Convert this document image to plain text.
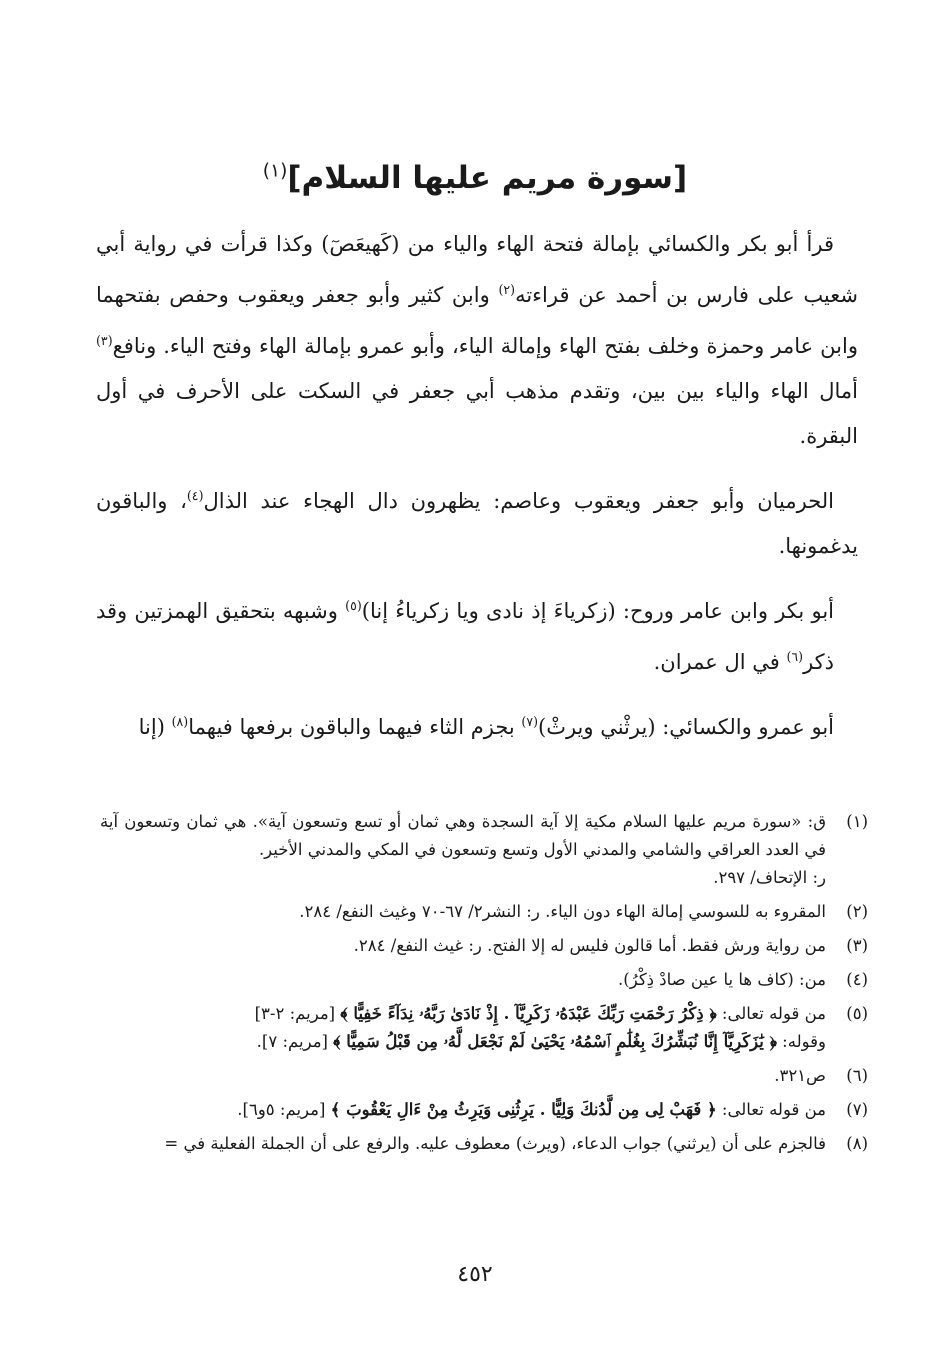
[سورة مريم عليها السلام]$^{(١)}$

قرأ أبو بكر والكسائي بإمالة فتحة الهاء والياء من (كَهيعَصٓ) وكذا قرأت في رواية أبي شعيب على فارس بن أحمد عن قراءته$^{(٢)}$ وابن كثير وأبو جعفر ويعقوب وحفص بفتحهما وابن عامر وحمزة وخلف بفتح الهاء وإمالة الياء، وأبو عمرو بإمالة الهاء وفتح الياء. ونافع$^{(٣)}$ أمال الهاء والياء بين بين، وتقدم مذهب أبي جعفر في السكت على الأحرف في أول البقرة.

الحرميان وأبو جعفر ويعقوب وعاصم: يظهرون دال الهجاء عند الذال$^{(٤)}$، والباقون يدغمونها.

أبو بكر وابن عامر وروح: (زكرياءَ إذ نادى ويا زكرياءُ إنا)$^{(٥)}$ وشبهه بتحقيق الهمزتين وقد ذكر$^{(٦)}$ في ال عمران.

أبو عمرو والكسائي: (يرثْني ويرثْ)$^{(٧)}$ بجزم الثاء فيهما والباقون برفعها فيهما$^{(٨)}$ (إنا

(١)
ق: «سورة مريم عليها السلام مكية إلا آية السجدة وهي ثمان أو تسع وتسعون آية». هي ثمان وتسعون آية في العدد العراقي والشامي والمدني الأول وتسع وتسعون في المكي والمدني الأخير.
ر: الإتحاف/ ٢٩٧.
(٢)
المقروء به للسوسي إمالة الهاء دون الياء. ر: النشر٢/ ٦٧-٧٠ وغيث النفع/ ٢٨٤.
(٣)
من رواية ورش فقط. أما قالون فليس له إلا الفتح. ر: غيث النفع/ ٢٨٤.
(٤)
من: (كاف ها يا عين صادْ ذِكْرُ).
(٥)
من قوله تعالى: ﴿ ذِكْرُ رَحْمَتِ رَبِّكَ عَبْدَهُۥ زَكَرِيَّآ . إِذْ نَادَىٰ رَبَّهُۥ نِدَآءً خَفِيًّا ﴾ [مريم: ٢-٣]
وقوله: ﴿ يَٰزَكَرِيَّآ إِنَّا نُبَشِّرُكَ بِغُلَٰمٍ ٱسْمُهُۥ يَحْيَىٰ لَمْ نَجْعَل لَّهُۥ مِن قَبْلُ سَمِيًّا ﴾ [مريم: ٧].
(٦)
ص٣٢١.
(٧)
من قوله تعالى: ﴿ فَهَبْ لِى مِن لَّدُنكَ وَلِيًّا . يَرِثُنِى وَيَرِثُ مِنْ ءَالِ يَعْقُوبَ ﴾ [مريم: ٥و٦].
(٨)
فالجزم على أن (يرثني) جواب الدعاء، (ويرث) معطوف عليه. والرفع على أن الجملة الفعلية في =
٤٥٢
